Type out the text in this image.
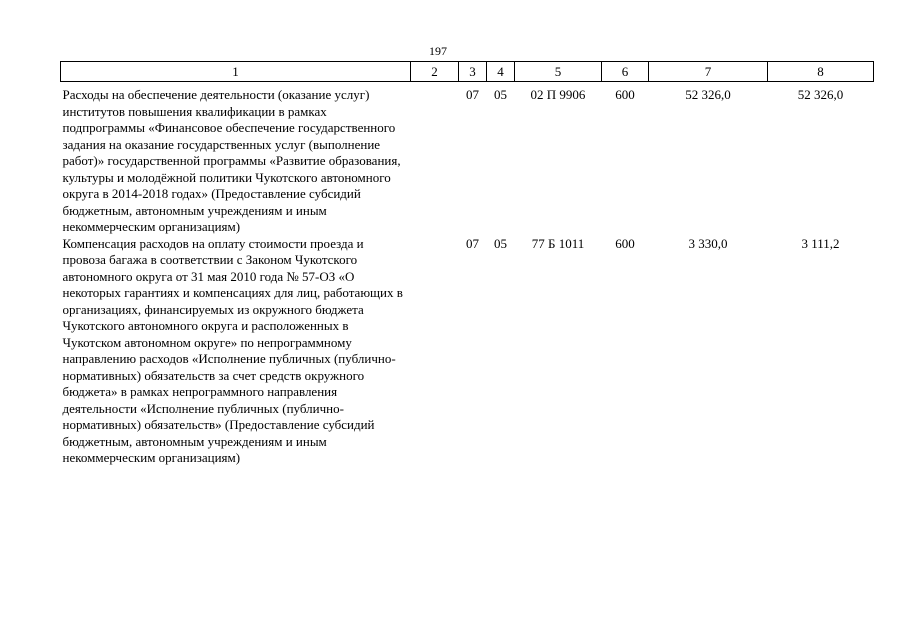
197
1	2	3	4	5	6	7	8
Расходы на обеспечение деятельности (оказание услуг) институтов повышения квалификации в рамках подпрограммы «Финансовое обеспечение государственного задания на оказание государственных услуг (выполнение работ)» государственной программы «Развитие образования, культуры и молодёжной политики Чукотского автономного округа в 2014-2018 годах» (Предоставление субсидий бюджетным, автономным учреждениям и иным некоммерческим организациям)		07	05	02 П 9906	600	52 326,0	52 326,0
Компенсация расходов на оплату стоимости проезда и провоза багажа в соответствии с Законом Чукотского автономного округа от 31 мая 2010 года № 57-ОЗ «О некоторых гарантиях и компенсациях для лиц, работающих в организациях, финансируемых из окружного бюджета Чукотского автономного округа и расположенных в Чукотском автономном округе» по непрограммному направлению расходов «Исполнение публичных (публично-нормативных) обязательств за счет средств окружного бюджета» в рамках непрограммного направления деятельности «Исполнение публичных (публично-нормативных) обязательств» (Предоставление субсидий бюджетным, автономным учреждениям и иным некоммерческим организациям)		07	05	77 Б 1011	600	3 330,0	3 111,2
